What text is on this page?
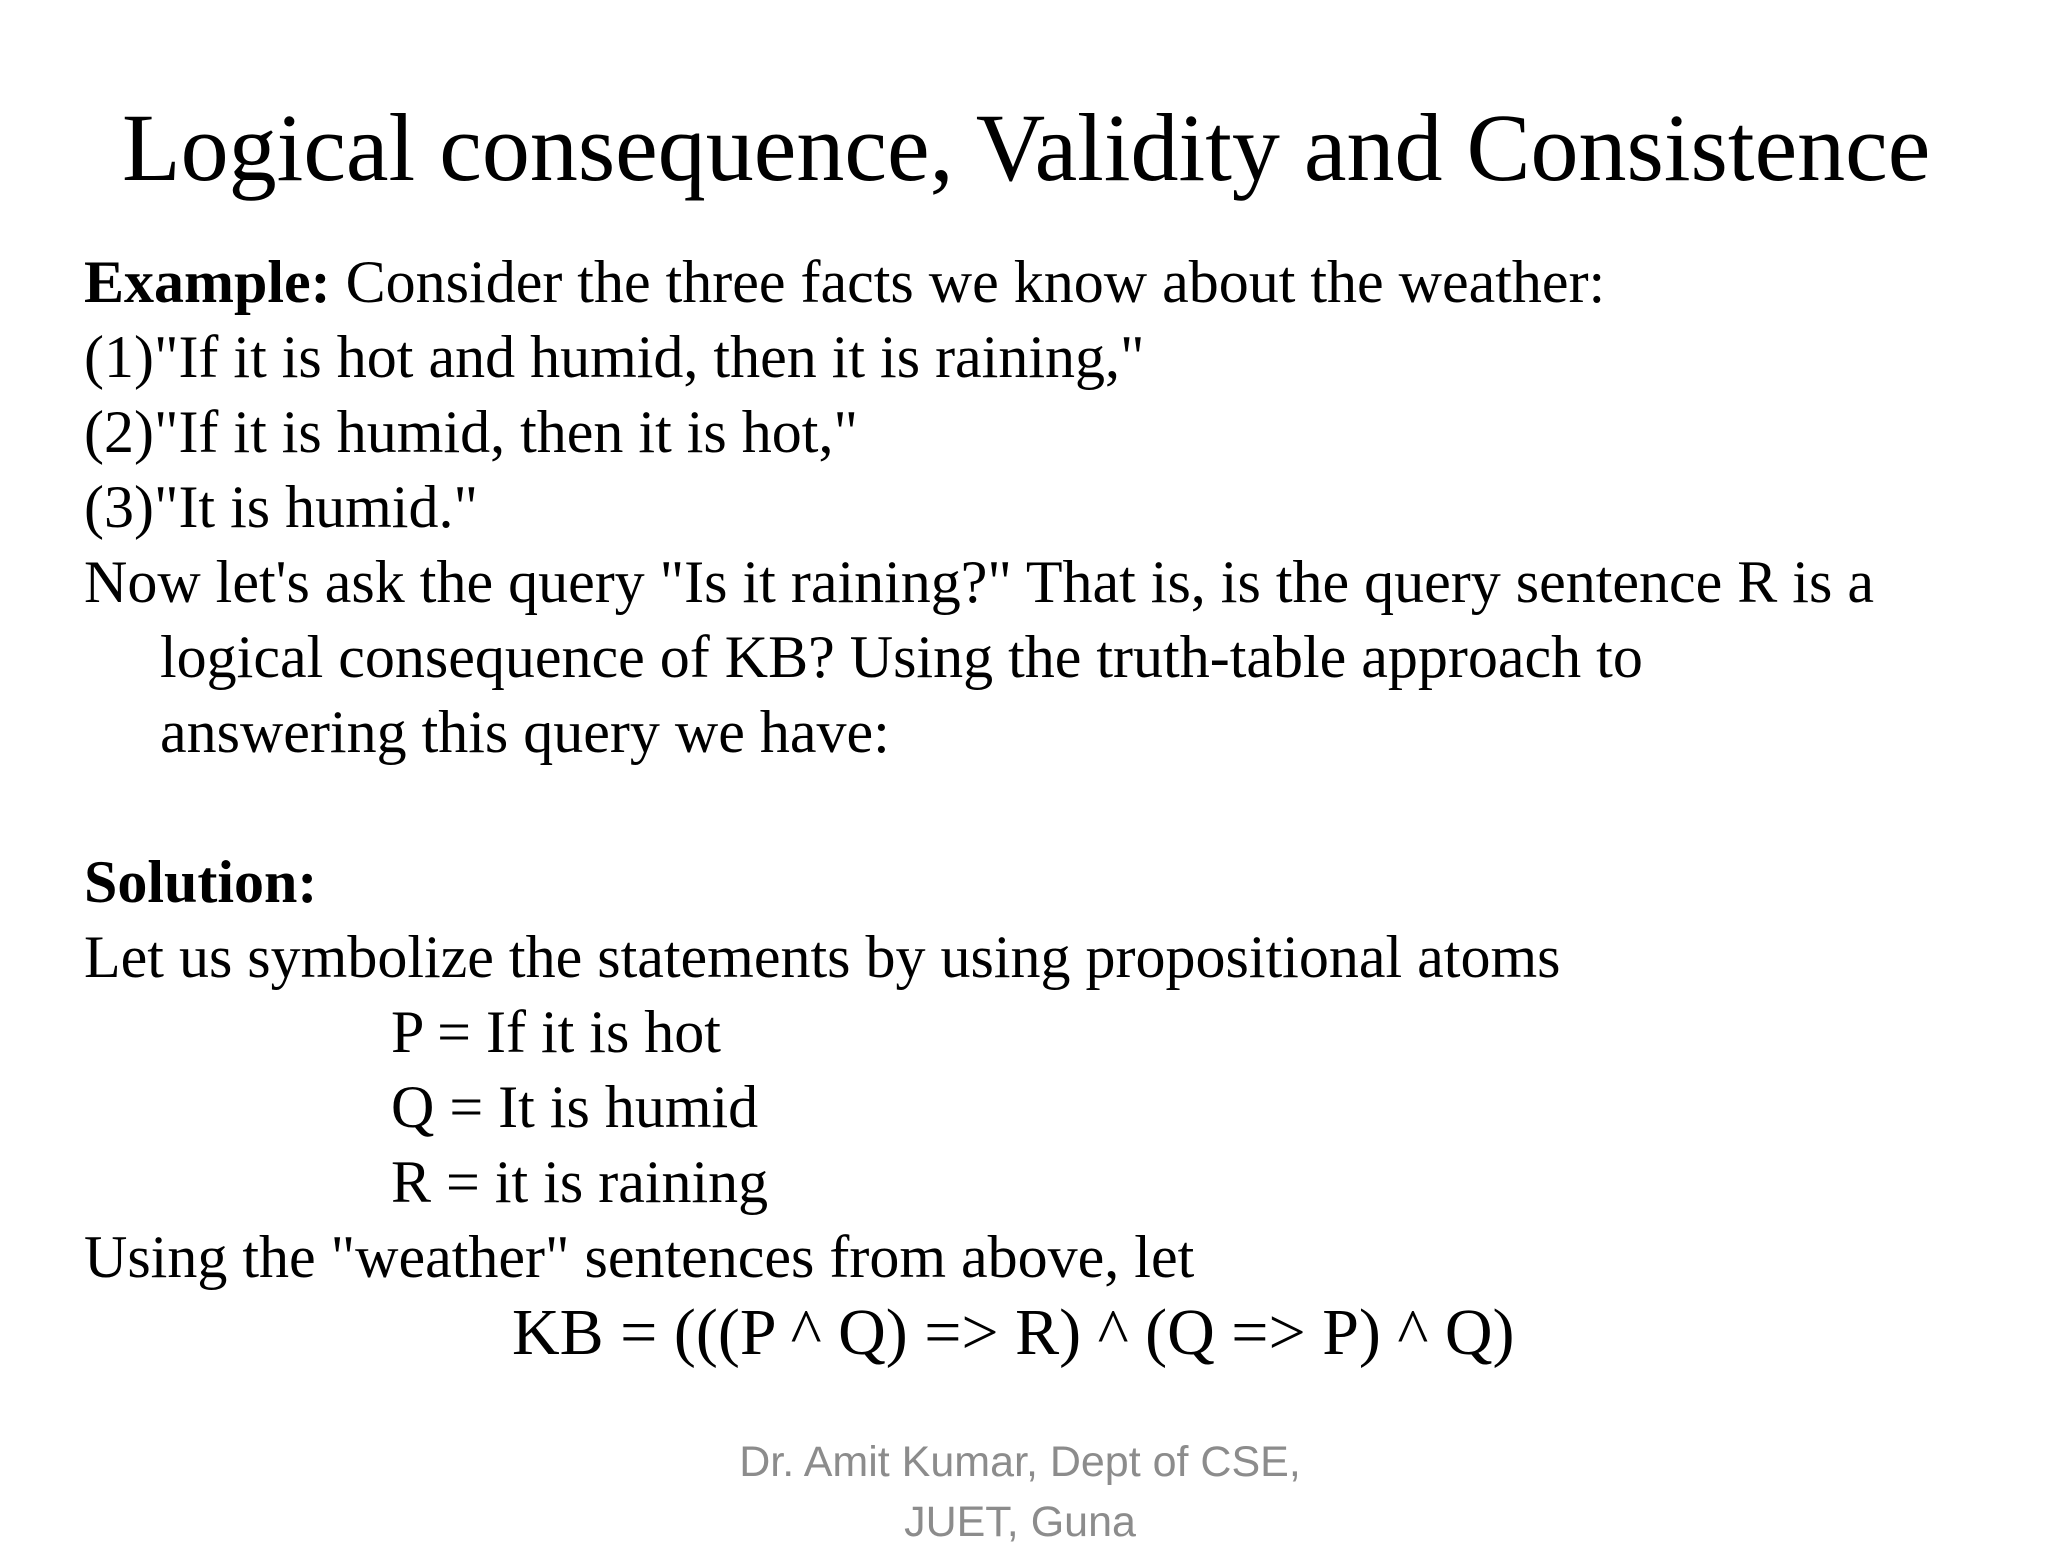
Logical consequence, Validity and Consistence
Example: Consider the three facts we know about the weather:
(1)"If it is hot and humid, then it is raining,"
(2)"If it is humid, then it is hot,"
(3)"It is humid."
Now let's ask the query "Is it raining?" That is, is the query sentence R is a
logical consequence of KB? Using the truth-table approach to
answering this query we have:
Solution:
Let us symbolize the statements by using propositional atoms
P = If it is hot
Q = It is humid
R = it is raining
Using the "weather" sentences from above, let
KB = (((P ^ Q) => R) ^ (Q => P) ^ Q)
Dr. Amit Kumar, Dept of CSE,
JUET, Guna
